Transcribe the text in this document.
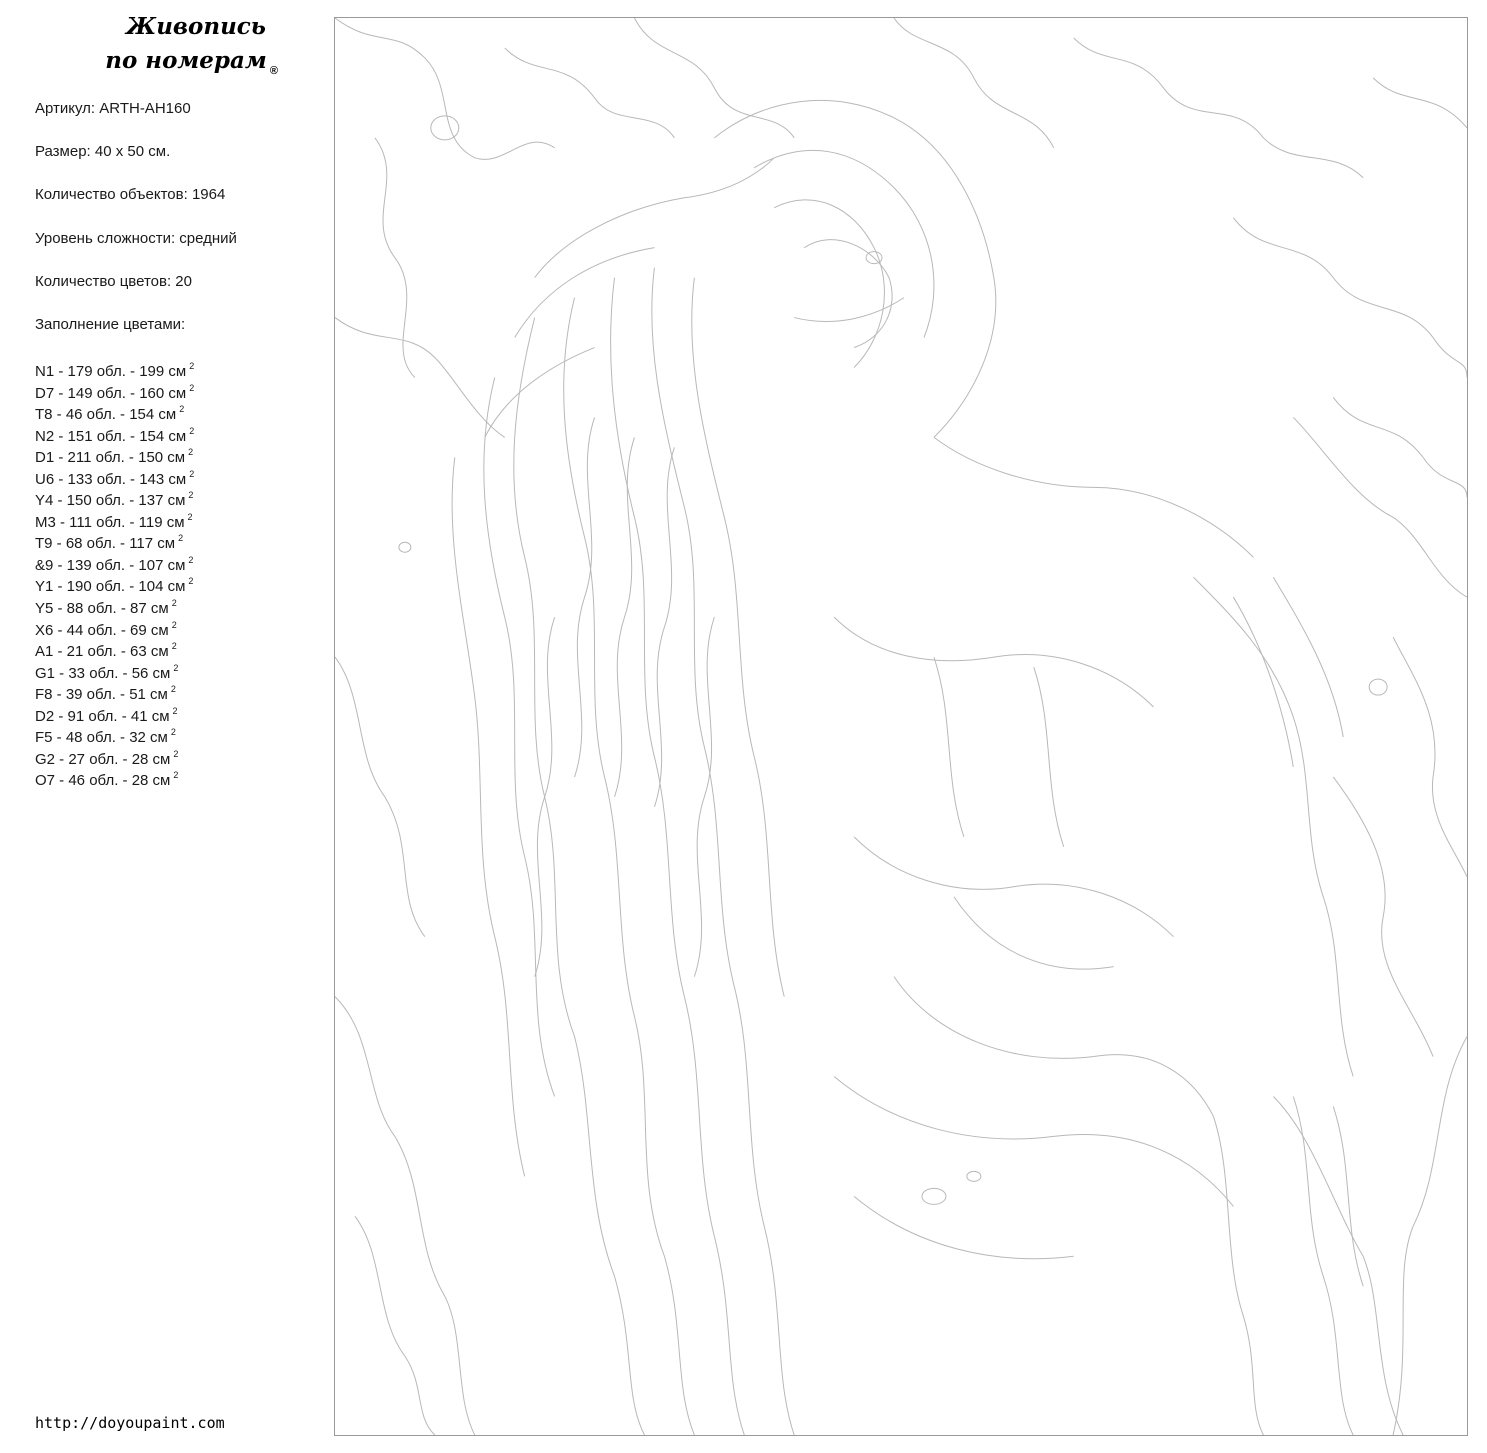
Живопись
по номерам ®
Артикул: ARTH-AH160
Размер: 40 х 50 см.
Количество объектов: 1964
Уровень сложности: средний
Количество цветов: 20
Заполнение цветами:
N1 - 179 обл. - 199 см $^2$
D7 - 149 обл. - 160 см $^2$
T8 - 46 обл. - 154 см $^2$
N2 - 151 обл. - 154 см $^2$
D1 - 211 обл. - 150 см $^2$
U6 - 133 обл. - 143 см $^2$
Y4 - 150 обл. - 137 см $^2$
M3 - 111 обл. - 119 см $^2$
T9 - 68 обл. - 117 см $^2$
&9 - 139 обл. - 107 см $^2$
Y1 - 190 обл. - 104 см $^2$
Y5 - 88 обл. - 87 см $^2$
X6 - 44 обл. - 69 см $^2$
A1 - 21 обл. - 63 см $^2$
G1 - 33 обл. - 56 см $^2$
F8 - 39 обл. - 51 см $^2$
D2 - 91 обл. - 41 см $^2$
F5 - 48 обл. - 32 см $^2$
G2 - 27 обл. - 28 см $^2$
O7 - 46 обл. - 28 см $^2$
http://doyoupaint.com
